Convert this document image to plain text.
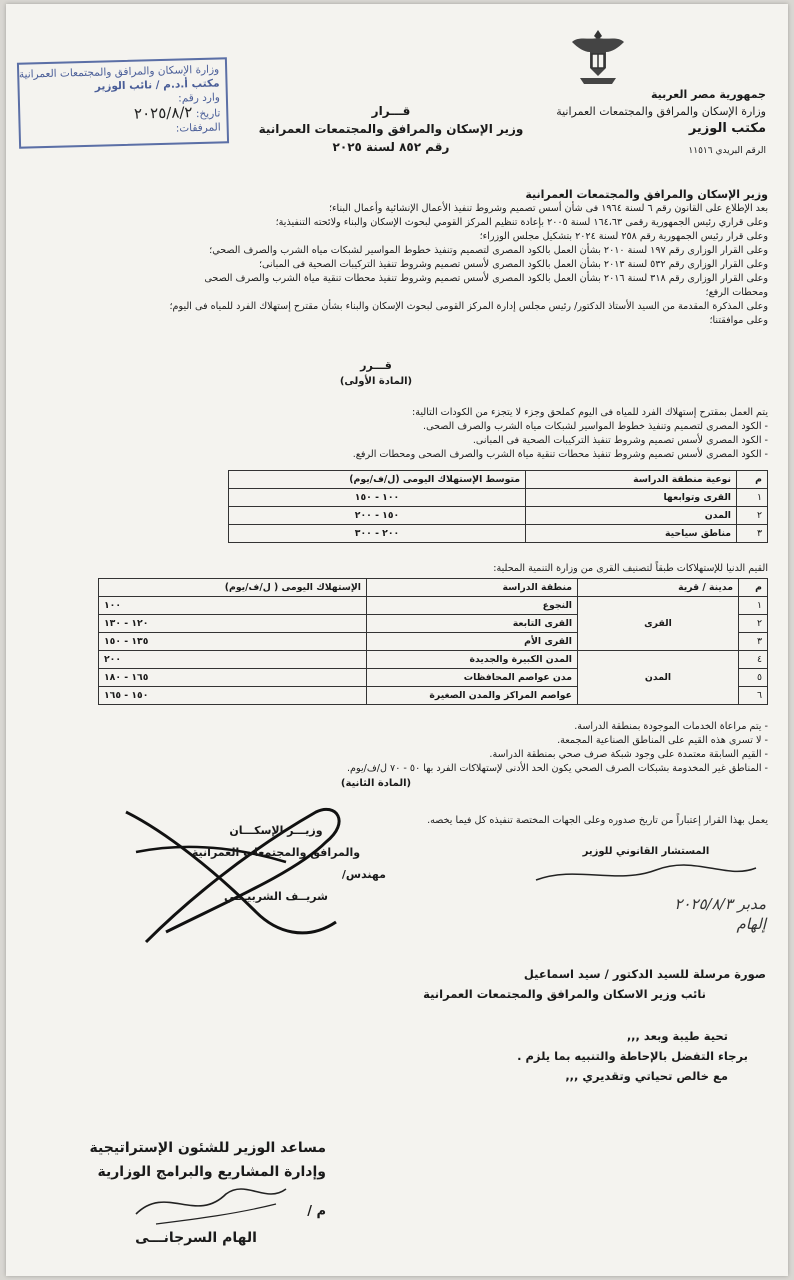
وزارة الإسكان والمرافق والمجتمعات العمرانية
مكتب أ.د.م / نائب الوزير
وارد رقم:
تاريخ: ٢٠٢٥/٨/٢
المرفقات:
جمهورية مصر العربية
وزارة الإسكان والمرافق والمجتمعات العمرانية
مكتب الوزير
الرقم البريدي ١١٥١٦
قـــرار
وزير الإسكان والمرافق والمجتمعات العمرانية
رقم ٨٥٢ لسنة ٢٠٢٥
وزير الإسكان والمرافق والمجتمعات العمرانية
بعد الإطلاع على القانون رقم ٦ لسنة ١٩٦٤ فى شأن أسس تصميم وشروط تنفيذ الأعمال الإنشائية وأعمال البناء؛
وعلى قراري رئيس الجمهورية رقمى ١٦٤،٦٣ لسنة ٢٠٠٥ بإعادة تنظيم المركز القومي لبحوث الإسكان والبناء ولائحته التنفيذية؛
وعلى قرار رئيس الجمهورية رقم ٢٥٨ لسنة ٢٠٢٤ بتشكيل مجلس الوزراء؛
وعلى القرار الوزارى رقم ١٩٧ لسنة ٢٠١٠ بشأن العمل بالكود المصرى لتصميم وتنفيذ خطوط المواسير لشبكات مياه الشرب والصرف الصحي؛
وعلى القرار الوزارى رقم ٥٣٢ لسنة ٢٠١٣ بشأن العمل بالكود المصرى لأسس تصميم وشروط تنفيذ التركيبات الصحية فى المبانى؛
وعلى القرار الوزارى رقم ٣١٨ لسنة ٢٠١٦ بشأن العمل بالكود المصرى لأسس تصميم وشروط تنفيذ محطات تنقية مياة الشرب والصرف الصحى
ومحطات الرفع؛
وعلى المذكرة المقدمة من السيد الأستاذ الدكتور/ رئيس مجلس إدارة المركز القومى لبحوث الإسكان والبناء بشأن مقترح إستهلاك الفرد للمياه فى اليوم؛
وعلى موافقتنا؛
قـــرر
(المادة الأولى)
يتم العمل بمقترح إستهلاك الفرد للمياه فى اليوم كملحق وجزء لا يتجزء من الكودات التالية:
- الكود المصرى لتصميم وتنفيذ خطوط المواسير لشبكات مياه الشرب والصرف الصحى.
- الكود المصرى لأسس تصميم وشروط تنفيذ التركيبات الصحية فى المبانى.
- الكود المصرى لأسس تصميم وشروط تنفيذ محطات تنقية مياة الشرب والصرف الصحى ومحطات الرفع.
م	نوعية منطقة الدراسة	متوسط الإستهلاك اليومى (ل/ف/يوم)
١	القرى وتوابعها	١٠٠ - ١٥٠
٢	المدن	١٥٠ - ٢٠٠
٣	مناطق سياحية	٢٠٠ - ٣٠٠
القيم الدنيا للإستهلاكات طبقاً لتصنيف القرى من وزارة التنمية المحلية:
م	مدينة / قرية	منطقة الدراسة	الإستهلاك اليومى ( ل/ف/يوم)
١	القرى	النجوع	١٠٠
٢		القرى التابعة	١٢٠ - ١٣٠
٣		القرى الأم	١٣٥ - ١٥٠
٤	المدن	المدن الكبيرة والجديدة	٢٠٠
٥		مدن عواصم المحافظات	١٦٥ - ١٨٠
٦		عواصم المراكز والمدن الصغيرة	١٥٠ - ١٦٥
- يتم مراعاة الخدمات الموجودة بمنطقة الدراسة.
- لا تسرى هذه القيم على المناطق الصناعية المجمعة.
- القيم السابقة معتمدة على وجود شبكة صرف صحي بمنطقة الدراسة.
- المناطق غير المخدومة بشبكات الصرف الصحي يكون الحد الأدنى لإستهلاكات الفرد بها ٥٠ - ٧٠ ل/ف/يوم.
(المادة الثانية)
يعمل بهذا القرار إعتباراً من تاريخ صدوره وعلى الجهات المختصة تنفيذه كل فيما يخصه.
المستشار القانوني للوزير
وزيـــر الإسكـــان
والمرافق والمجتمعات العمرانية
مهندس/
شريــف الشربيـنـي	مدبر ٢٠٢٥/٨/٣
إلهام
صورة مرسلة للسيد الدكتور / سيد اسماعيل
نائب وزير الاسكان والمرافق والمجتمعات العمرانية
تحية طيبة وبعد ,,,
برجاء التفضل بالإحاطة والتنبيه بما يلزم .
مع خالص تحياتي وتقديري ,,,
مساعد الوزير للشئون الإستراتيجية
وإدارة المشاريع والبرامج الوزارية
م /
الهام السرجانـــى
